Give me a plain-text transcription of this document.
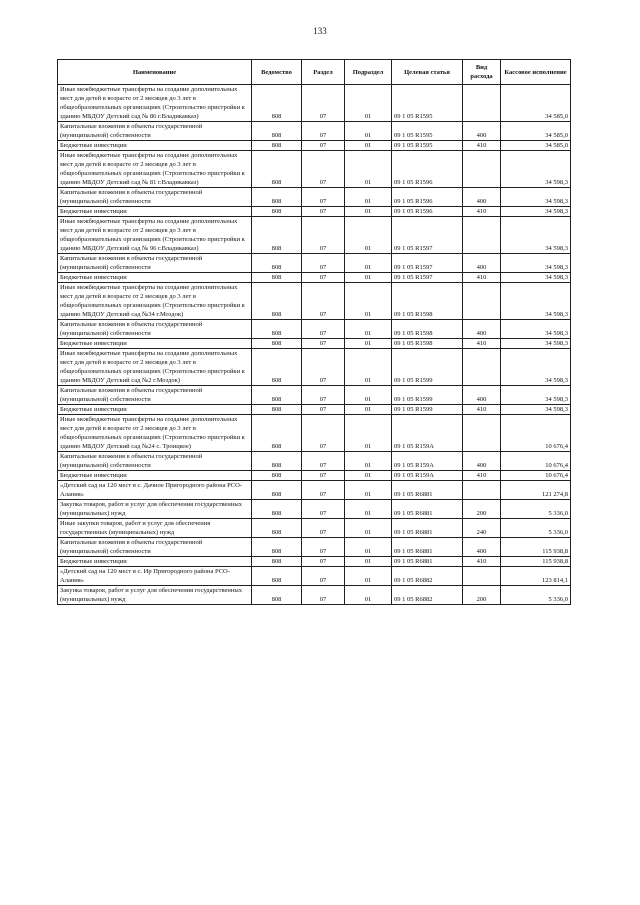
133
Наименование	Ведомство	Раздел	Подраздел	Целевая статья	Вид расхода	Кассовое исполнение
Иные межбюджетные трансферты на создание дополнительных мест для детей в возрасте от 2 месяцев до 3 лет в общеобразовательных организациях (Строительство пристройки к зданию МБДОУ Детский сад № 86 г.Владикавказ)	808	07	01	09 1 05 R1595		34 585,0
Капитальные вложения в объекты государственной (муниципальной) собственности	808	07	01	09 1 05 R1595	400	34 585,0
Бюджетные инвестиции	808	07	01	09 1 05 R1595	410	34 585,0
Иные межбюджетные трансферты на создание дополнительных мест для детей в возрасте от 2 месяцев до 3 лет в общеобразовательных организациях (Строительство пристройки к зданию МБДОУ Детский сад № 81 г.Владикавказ)	808	07	01	09 1 05 R1596		34 598,3
Капитальные вложения в объекты государственной (муниципальной) собственности	808	07	01	09 1 05 R1596	400	34 598,3
Бюджетные инвестиции	808	07	01	09 1 05 R1596	410	34 598,3
Иные межбюджетные трансферты на создание дополнительных мест для детей в возрасте от 2 месяцев до 3 лет в общеобразовательных организациях (Строительство пристройки к зданию МБДОУ Детский сад № 96 г.Владикавказ)	808	07	01	09 1 05 R1597		34 598,3
Капитальные вложения в объекты государственной (муниципальной) собственности	808	07	01	09 1 05 R1597	400	34 598,3
Бюджетные инвестиции	808	07	01	09 1 05 R1597	410	34 598,3
Иные межбюджетные трансферты на создание дополнительных мест для детей в возрасте от 2 месяцев до 3 лет в общеобразовательных организациях (Строительство пристройки к зданию МБДОУ Детский сад №34 г.Моздок)	808	07	01	09 1 05 R1598		34 598,3
Капитальные вложения в объекты государственной (муниципальной) собственности	808	07	01	09 1 05 R1598	400	34 598,3
Бюджетные инвестиции	808	07	01	09 1 05 R1598	410	34 598,3
Иные межбюджетные трансферты на создание дополнительных мест для детей в возрасте от 2 месяцев до 3 лет в общеобразовательных организациях (Строительство пристройки к зданию МБДОУ Детский сад №2 г.Моздок)	808	07	01	09 1 05 R1599		34 598,3
Капитальные вложения в объекты государственной (муниципальной) собственности	808	07	01	09 1 05 R1599	400	34 598,3
Бюджетные инвестиции	808	07	01	09 1 05 R1599	410	34 598,3
Иные межбюджетные трансферты на создание дополнительных мест для детей в возрасте от 2 месяцев до 3 лет в общеобразовательных организациях (Строительство пристройки к зданию МБДОУ Детский сад №24 с. Троицкое)	808	07	01	09 1 05 R159A		10 676,4
Капитальные вложения в объекты государственной (муниципальной) собственности	808	07	01	09 1 05 R159A	400	10 676,4
Бюджетные инвестиции	808	07	01	09 1 05 R159A	410	10 676,4
«Детский сад на 120 мест в с. Дачное Пригородного района РСО-Алания»	808	07	01	09 1 05 R6881		121 274,8
Закупка товаров, работ и услуг для обеспечения государственных (муниципальных) нужд	808	07	01	09 1 05 R6881	200	5 336,0
Иные закупки товаров, работ и услуг для обеспечения государственных (муниципальных) нужд	808	07	01	09 1 05 R6881	240	5 336,0
Капитальные вложения в объекты государственной (муниципальной) собственности	808	07	01	09 1 05 R6881	400	115 938,8
Бюджетные инвестиции	808	07	01	09 1 05 R6881	410	115 938,8
«Детский сад на 120 мест в с. Ир Пригородного района РСО-Алания»	808	07	01	09 1 05 R6882		123 814,1
Закупка товаров, работ и услуг для обеспечения государственных (муниципальных) нужд	808	07	01	09 1 05 R6882	200	5 336,0
